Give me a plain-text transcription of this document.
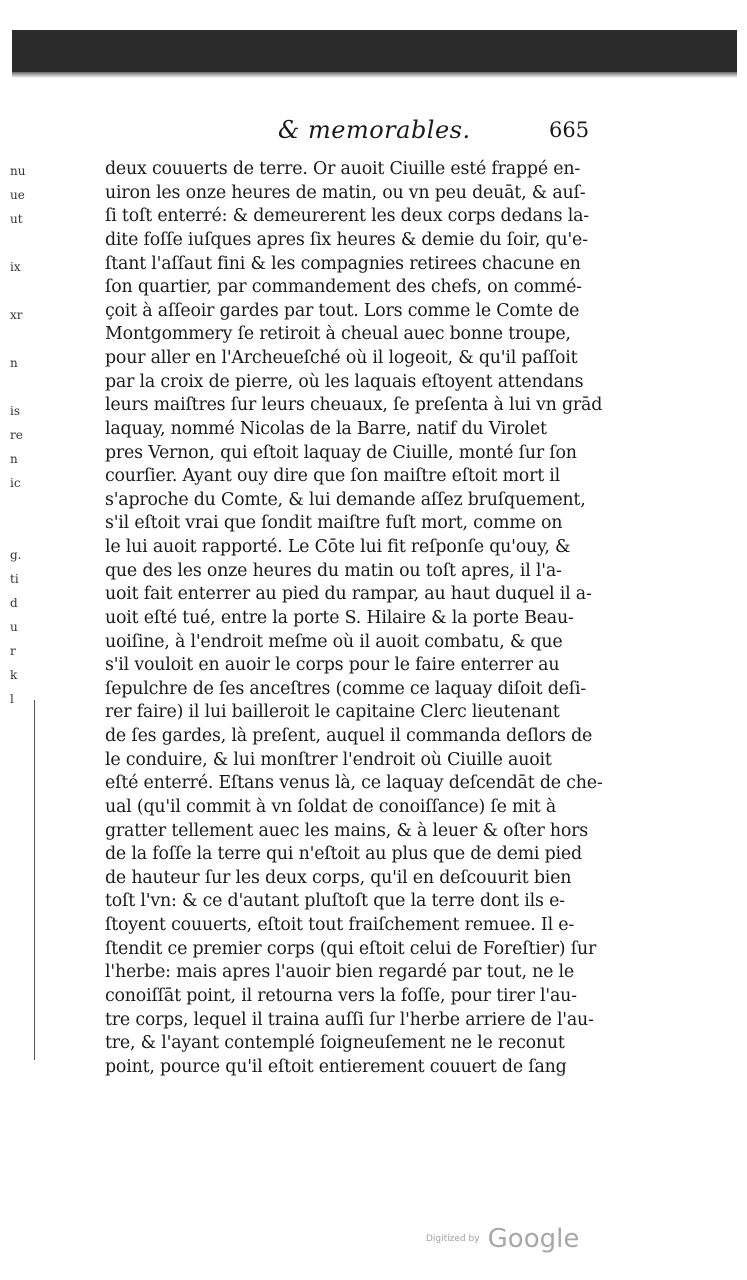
& memorables.	665
nu
ue
ut
ix
xr
n
is
re
n
ic
g.
ti
d
u
r
k
l
deux couuerts de terre. Or auoit Ciuille esté frappé en-
uiron les onze heures de matin, ou vn peu deuāt, & auſ-
ſi toſt enterré: & demeurerent les deux corps dedans la-
dite foſſe iuſques apres ſix heures & demie du ſoir, qu'e-
ſtant l'aſſaut fini & les compagnies retirees chacune en
ſon quartier, par commandement des chefs, on commé-
çoit à aſſeoir gardes par tout. Lors comme le Comte de
Montgommery ſe retiroit à cheual auec bonne troupe,
pour aller en l'Archeueſché où il logeoit, & qu'il paſſoit
par la croix de pierre, où les laquais eſtoyent attendans
leurs maiſtres ſur leurs cheuaux, ſe preſenta à lui vn grād
laquay, nommé Nicolas de la Barre, natif du Virolet
pres Vernon, qui eſtoit laquay de Ciuille, monté ſur ſon
courſier. Ayant ouy dire que ſon maiſtre eſtoit mort il
s'aproche du Comte, & lui demande aſſez bruſquement,
s'il eſtoit vrai que ſondit maiſtre fuſt mort, comme on
le lui auoit rapporté. Le Cōte lui fit reſponſe qu'ouy, &
que des les onze heures du matin ou toſt apres, il l'a-
uoit fait enterrer au pied du rampar, au haut duquel il a-
uoit eſté tué, entre la porte S. Hilaire & la porte Beau-
uoiſine, à l'endroit meſme où il auoit combatu, & que
s'il vouloit en auoir le corps pour le faire enterrer au
ſepulchre de ſes anceſtres (comme ce laquay diſoit deſi-
rer faire) il lui bailleroit le capitaine Clerc lieutenant
de ſes gardes, là preſent, auquel il commanda deſlors de
le conduire, & lui monſtrer l'endroit où Ciuille auoit
eſté enterré. Eſtans venus là, ce laquay deſcendāt de che-
ual (qu'il commit à vn ſoldat de conoiſſance) ſe mit à
gratter tellement auec les mains, & à leuer & oſter hors
de la foſſe la terre qui n'eſtoit au plus que de demi pied
de hauteur ſur les deux corps, qu'il en deſcouurit bien
toſt l'vn: & ce d'autant pluſtoſt que la terre dont ils e-
ſtoyent couuerts, eſtoit tout fraiſchement remuee. Il e-
ſtendit ce premier corps (qui eſtoit celui de Foreſtier) ſur
l'herbe: mais apres l'auoir bien regardé par tout, ne le
conoiſſāt point, il retourna vers la foſſe, pour tirer l'au-
tre corps, lequel il traina auſſi ſur l'herbe arriere de l'au-
tre, & l'ayant contemplé ſoigneuſement ne le reconut
point, pource qu'il eſtoit entierement couuert de ſang
Digitized by Google
